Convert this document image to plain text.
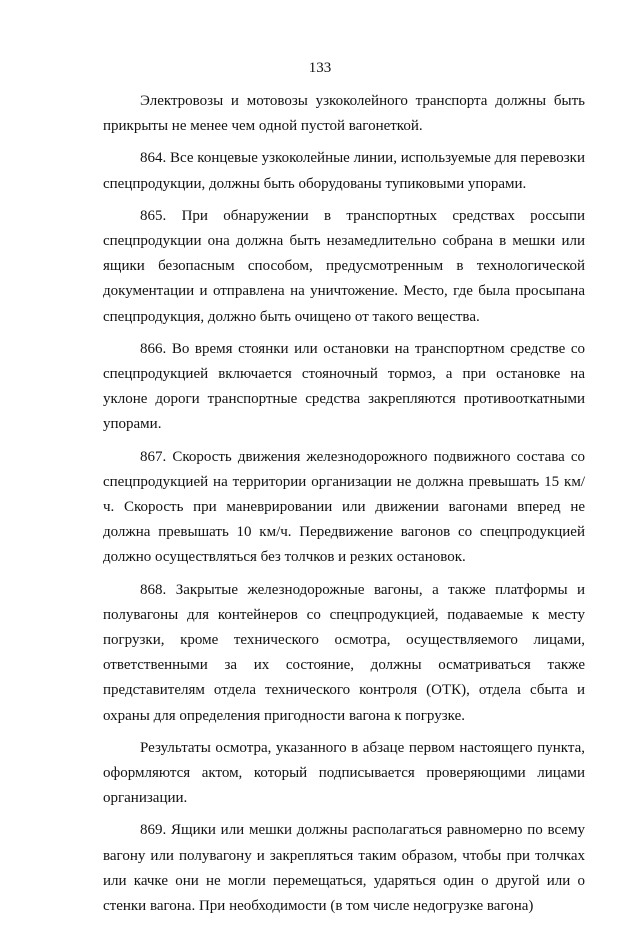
133

Электровозы и мотовозы узкоколейного транспорта должны быть прикрыты не менее чем одной пустой вагонеткой.

864. Все концевые узкоколейные линии, используемые для перевозки спецпродукции, должны быть оборудованы тупиковыми упорами.

865. При обнаружении в транспортных средствах россыпи спецпродукции она должна быть незамедлительно собрана в мешки или ящики безопасным способом, предусмотренным в технологической документации и отправлена на уничтожение. Место, где была просыпана спецпродукция, должно быть очищено от такого вещества.

866. Во время стоянки или остановки на транспортном средстве со спецпродукцией включается стояночный тормоз, а при остановке на уклоне дороги транспортные средства закрепляются противооткатными упорами.

867. Скорость движения железнодорожного подвижного состава со спецпродукцией на территории организации не должна превышать 15 км/ч. Скорость при маневрировании или движении вагонами вперед не должна превышать 10 км/ч. Передвижение вагонов со спецпродукцией должно осуществляться без толчков и резких остановок.

868. Закрытые железнодорожные вагоны, а также платформы и полувагоны для контейнеров со спецпродукцией, подаваемые к месту погрузки, кроме технического осмотра, осуществляемого лицами, ответственными за их состояние, должны осматриваться также представителям отдела технического контроля (ОТК), отдела сбыта и охраны для определения пригодности вагона к погрузке.

Результаты осмотра, указанного в абзаце первом настоящего пункта, оформляются актом, который подписывается проверяющими лицами организации.

869. Ящики или мешки должны располагаться равномерно по всему вагону или полувагону и закрепляться таким образом, чтобы при толчках или качке они не могли перемещаться, ударяться один о другой или о стенки вагона. При необходимости (в том числе недогрузке вагона)
